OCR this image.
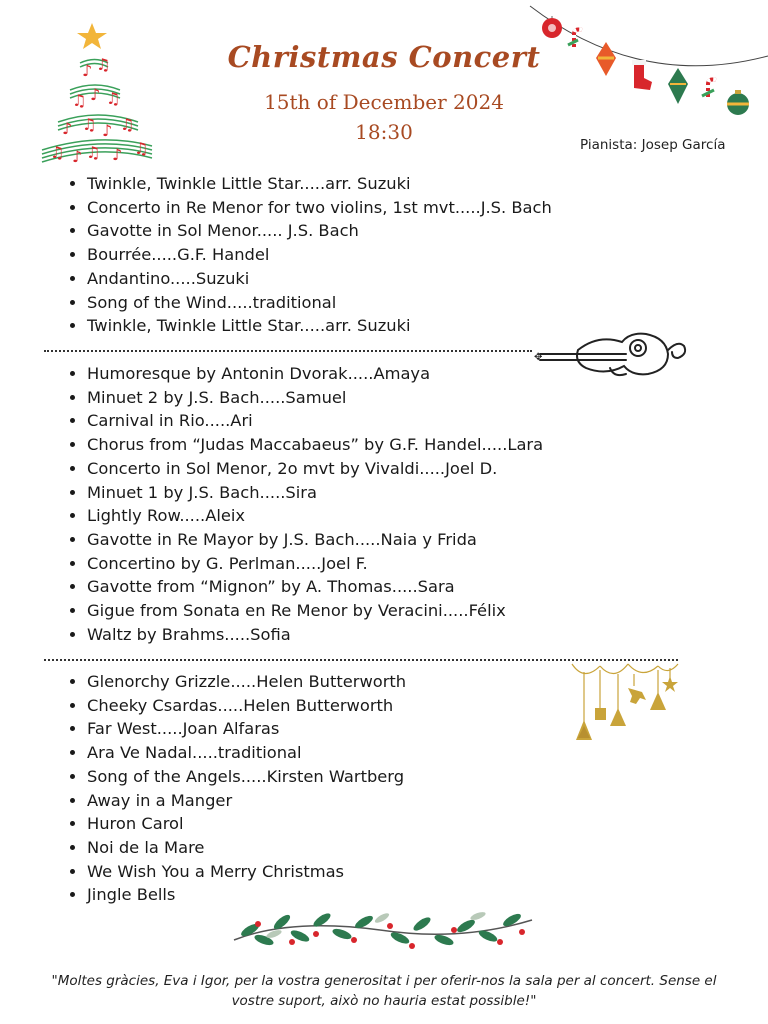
♪ ♫
♫ ♪ ♫
♪ ♫ ♪ ♫
♫ ♪ ♫ ♪ ♫
Christmas Concert
15th of December 2024
18:30
Pianista: Josep García
• Twinkle, Twinkle Little Star.....arr. Suzuki
• Concerto in Re Menor for two violins, 1st mvt.....J.S. Bach
• Gavotte in Sol Menor..... J.S. Bach
• Bourrée.....G.F. Handel
• Andantino.....Suzuki
• Song of the Wind.....traditional
• Twinkle, Twinkle Little Star.....arr. Suzuki
✥
• Humoresque by Antonin Dvorak.....Amaya
• Minuet 2 by J.S. Bach.....Samuel
• Carnival in Rio.....Ari
• Chorus from “Judas Maccabaeus” by G.F. Handel.....Lara
• Concerto in Sol Menor, 2o mvt by Vivaldi.....Joel D.
• Minuet 1 by J.S. Bach.....Sira
• Lightly Row.....Aleix
• Gavotte in Re Mayor by J.S. Bach.....Naia y Frida
• Concertino by G. Perlman.....Joel F.
• Gavotte from “Mignon” by A. Thomas.....Sara
• Gigue from Sonata en Re Menor by Veracini.....Félix
• Waltz by Brahms.....Sofia
• Glenorchy Grizzle.....Helen Butterworth
• Cheeky Csardas.....Helen Butterworth
• Far West.....Joan Alfaras
• Ara Ve Nadal.....traditional
• Song of the Angels.....Kirsten Wartberg
• Away in a Manger
• Huron Carol
• Noi de la Mare
• We Wish You a Merry Christmas
• Jingle Bells
"Moltes gràcies, Eva i Igor, per la vostra generositat i per oferir-nos la sala per al concert. Sense el vostre suport, això no hauria estat possible!"
